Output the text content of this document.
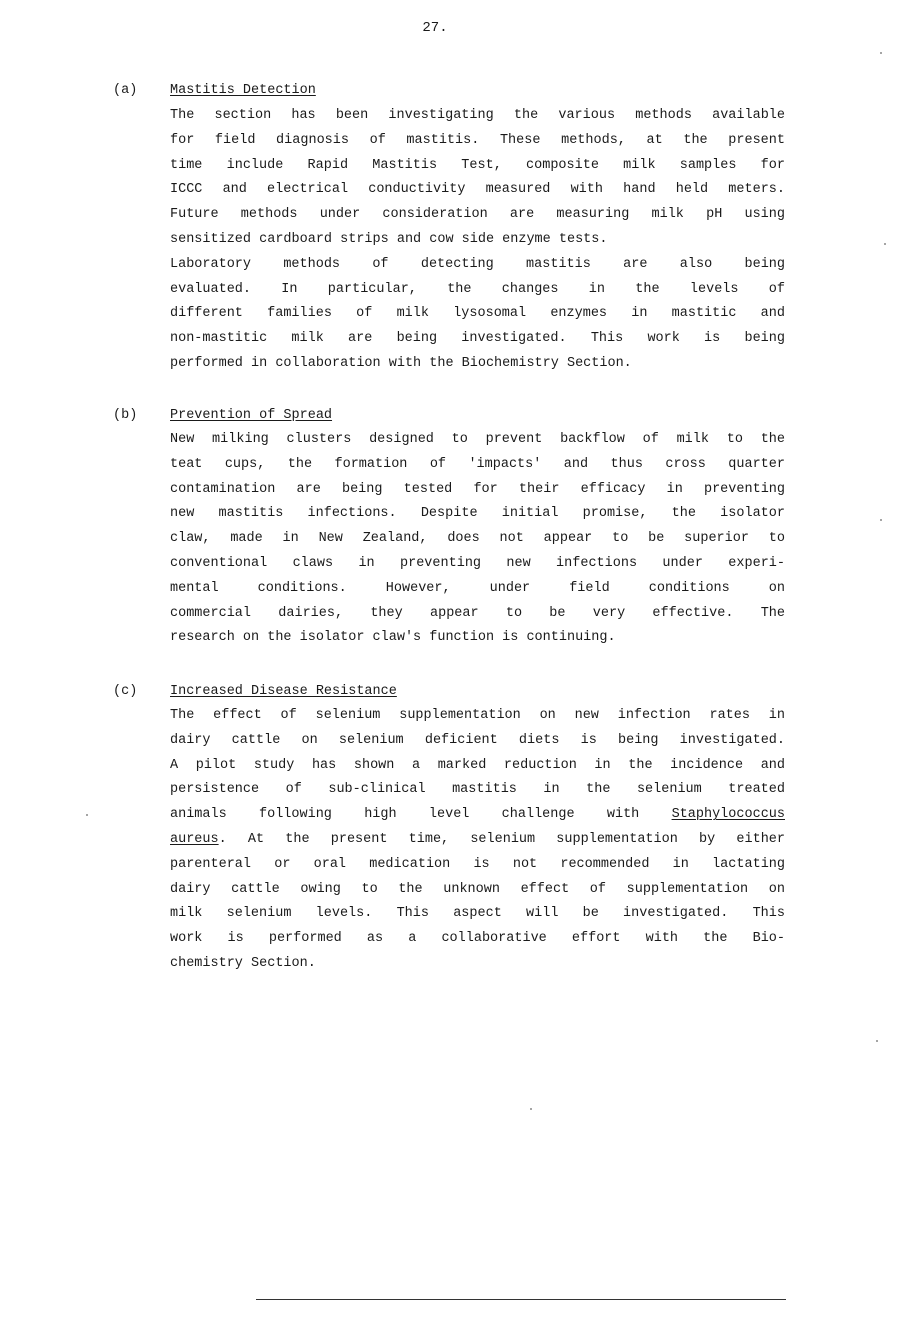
27.
(a) Mastitis Detection
The section has been investigating the various methods available
for field diagnosis of mastitis. These methods, at the present
time include Rapid Mastitis Test, composite milk samples for
ICCC and electrical conductivity measured with hand held meters.
Future methods under consideration are measuring milk pH using
sensitized cardboard strips and cow side enzyme tests.
Laboratory methods of detecting mastitis are also being
evaluated. In particular, the changes in the levels of
different families of milk lysosomal enzymes in mastitic and
non-mastitic milk are being investigated. This work is being
performed in collaboration with the Biochemistry Section.
(b) Prevention of Spread
New milking clusters designed to prevent backflow of milk to the
teat cups, the formation of 'impacts' and thus cross quarter
contamination are being tested for their efficacy in preventing
new mastitis infections. Despite initial promise, the isolator
claw, made in New Zealand, does not appear to be superior to
conventional claws in preventing new infections under experi-
mental conditions. However, under field conditions on
commercial dairies, they appear to be very effective. The
research on the isolator claw's function is continuing.
(c) Increased Disease Resistance
The effect of selenium supplementation on new infection rates in
dairy cattle on selenium deficient diets is being investigated.
A pilot study has shown a marked reduction in the incidence and
persistence of sub-clinical mastitis in the selenium treated
animals following high level challenge with Staphylococcus
aureus. At the present time, selenium supplementation by either
parenteral or oral medication is not recommended in lactating
dairy cattle owing to the unknown effect of supplementation on
milk selenium levels. This aspect will be investigated. This
work is performed as a collaborative effort with the Bio-
chemistry Section.
